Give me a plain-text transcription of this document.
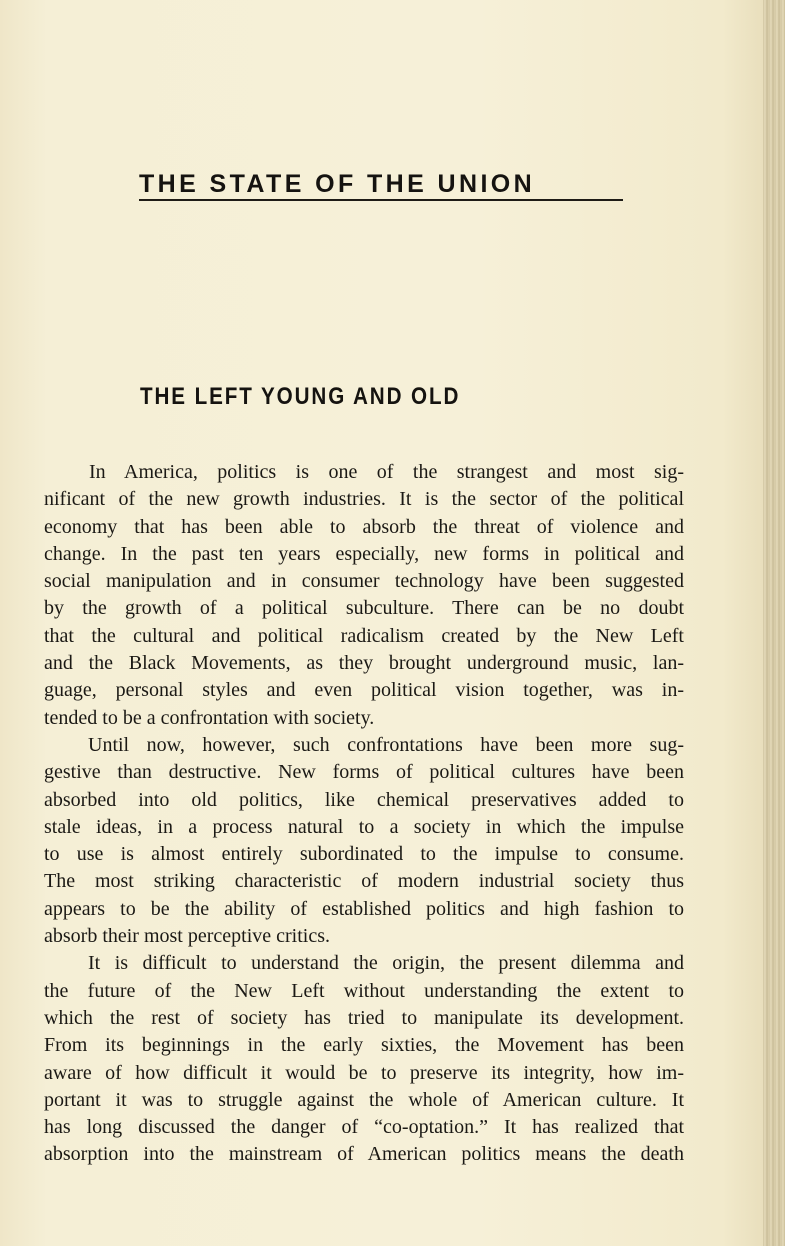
THE STATE OF THE UNION
THE LEFT YOUNG AND OLD
In America, politics is one of the strangest and most sig-
nificant of the new growth industries. It is the sector of the political
economy that has been able to absorb the threat of violence and
change. In the past ten years especially, new forms in political and
social manipulation and in consumer technology have been suggested
by the growth of a political subculture. There can be no doubt
that the cultural and political radicalism created by the New Left
and the Black Movements, as they brought underground music, lan-
guage, personal styles and even political vision together, was in-
tended to be a confrontation with society.
Until now, however, such confrontations have been more sug-
gestive than destructive. New forms of political cultures have been
absorbed into old politics, like chemical preservatives added to
stale ideas, in a process natural to a society in which the impulse
to use is almost entirely subordinated to the impulse to consume.
The most striking characteristic of modern industrial society thus
appears to be the ability of established politics and high fashion to
absorb their most perceptive critics.
It is difficult to understand the origin, the present dilemma and
the future of the New Left without understanding the extent to
which the rest of society has tried to manipulate its development.
From its beginnings in the early sixties, the Movement has been
aware of how difficult it would be to preserve its integrity, how im-
portant it was to struggle against the whole of American culture. It
has long discussed the danger of “co-optation.” It has realized that
absorption into the mainstream of American politics means the death
